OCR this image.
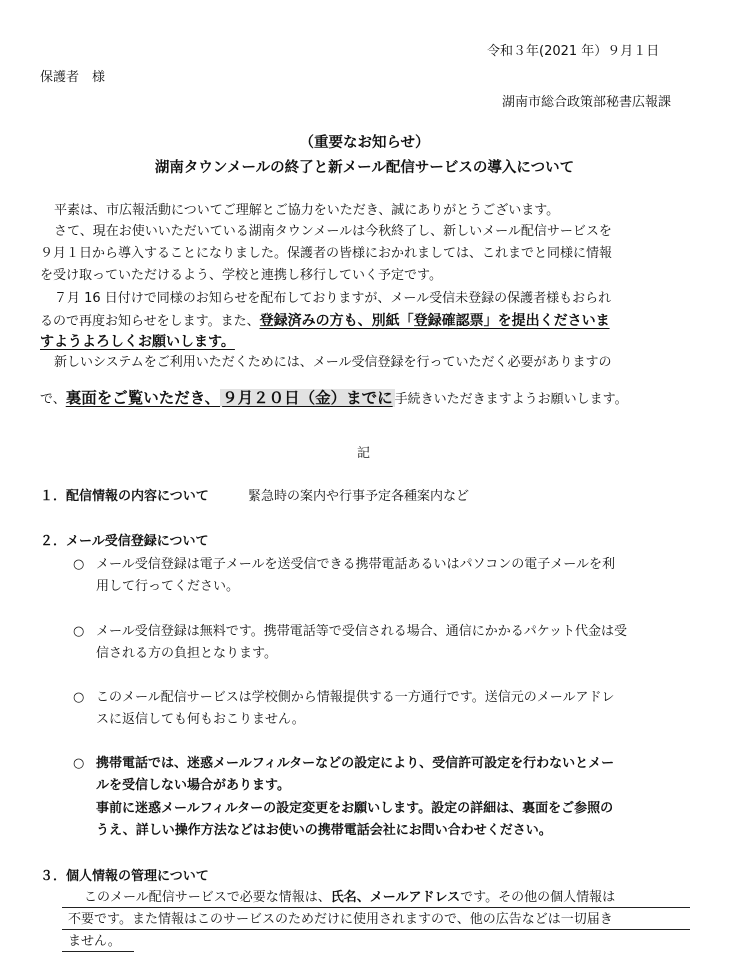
令和３年(2021 年）９月１日
保護者　様
湖南市総合政策部秘書広報課
（重要なお知らせ）
湖南タウンメールの終了と新メール配信サービスの導入について
平素は、市広報活動についてご理解とご協力をいただき、誠にありがとうございます。
さて、現在お使いいただいている湖南タウンメールは今秋終了し、新しいメール配信サービスを
９月１日から導入することになりました。保護者の皆様におかれましては、これまでと同様に情報
を受け取っていただけるよう、学校と連携し移行していく予定です。
７月 16 日付けで同様のお知らせを配布しておりますが、メール受信未登録の保護者様もおられ
るので再度お知らせをします。また、登録済みの方も、別紙「登録確認票」を提出くださいま
すようよろしくお願いします。
新しいシステムをご利用いただくためには、メール受信登録を行っていただく必要がありますの
で、裏面をご覧いただき、 ９月２０日（金）までに 手続きいただきますようお願いします。
記
１．配信情報の内容について	緊急時の案内や行事予定各種案内など
２．メール受信登録について
○ メール受信登録は電子メールを送受信できる携帯電話あるいはパソコンの電子メールを利
用して行ってください。
○ メール受信登録は無料です。携帯電話等で受信される場合、通信にかかるパケット代金は受
信される方の負担となります。
○ このメール配信サービスは学校側から情報提供する一方通行です。送信元のメールアドレ
スに返信しても何もおこりません。
○ 携帯電話では、迷惑メールフィルターなどの設定により、受信許可設定を行わないとメー
ルを受信しない場合があります。
事前に迷惑メールフィルターの設定変更をお願いします。設定の詳細は、裏面をご参照の
うえ、詳しい操作方法などはお使いの携帯電話会社にお問い合わせください。
３．個人情報の管理について
このメール配信サービスで必要な情報は、氏名、メールアドレスです。その他の個人情報は
不要です。また情報はこのサービスのためだけに使用されますので、他の広告などは一切届き
ません。
